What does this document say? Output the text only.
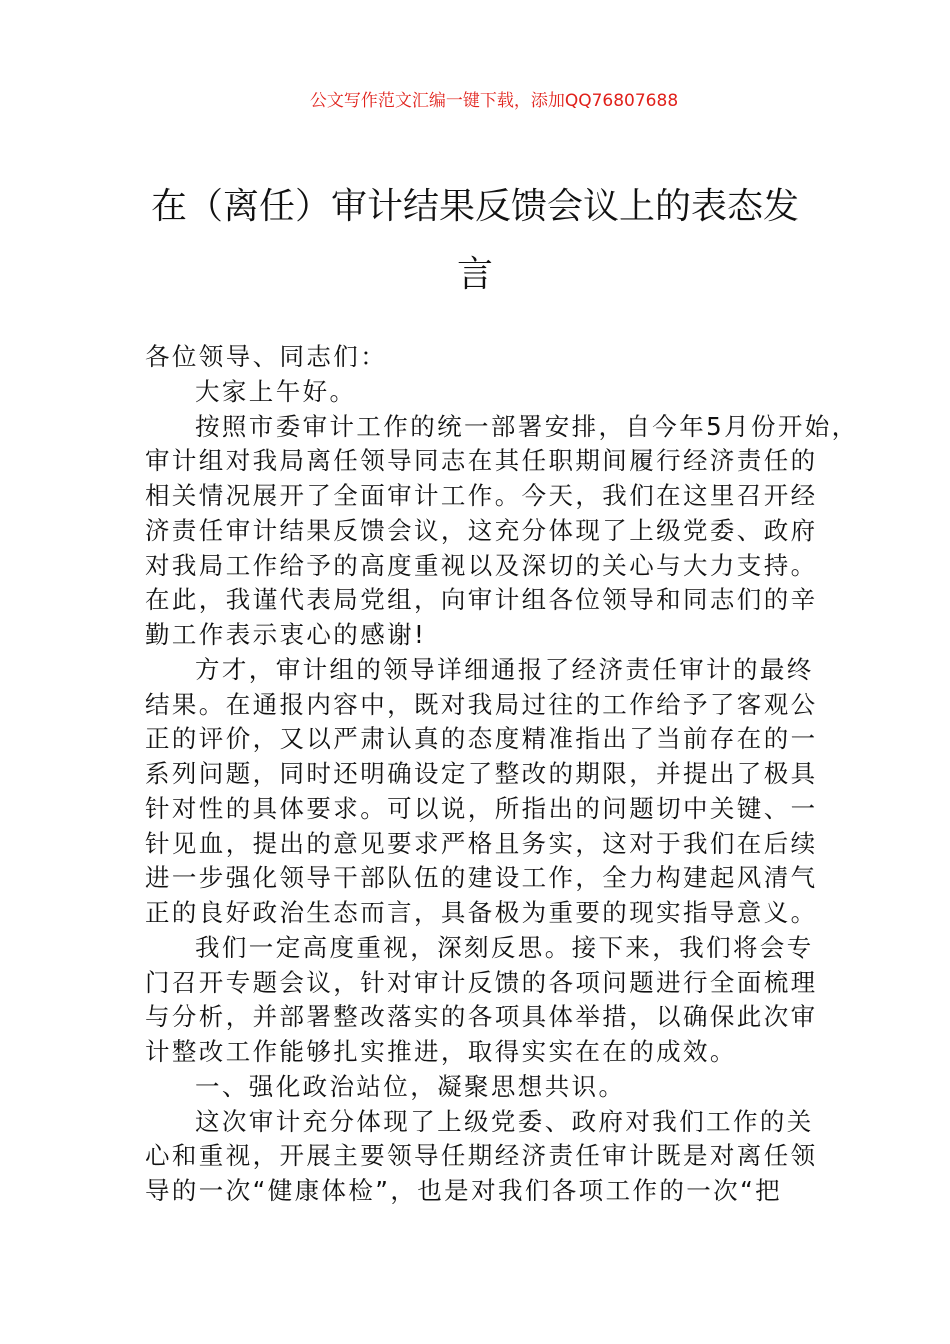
公文写作范文汇编一键下载，添加QQ76807688
在（离任）审计结果反馈会议上的表态发
言
各位领导、同志们：
大家上午好。
按照市委审计工作的统一部署安排，自今年5月份开始，
审计组对我局离任领导同志在其任职期间履行经济责任的
相关情况展开了全面审计工作。今天，我们在这里召开经
济责任审计结果反馈会议，这充分体现了上级党委、政府
对我局工作给予的高度重视以及深切的关心与大力支持。
在此，我谨代表局党组，向审计组各位领导和同志们的辛
勤工作表示衷心的感谢!
方才，审计组的领导详细通报了经济责任审计的最终
结果。在通报内容中，既对我局过往的工作给予了客观公
正的评价，又以严肃认真的态度精准指出了当前存在的一
系列问题，同时还明确设定了整改的期限，并提出了极具
针对性的具体要求。可以说，所指出的问题切中关键、一
针见血，提出的意见要求严格且务实，这对于我们在后续
进一步强化领导干部队伍的建设工作，全力构建起风清气
正的良好政治生态而言，具备极为重要的现实指导意义。
我们一定高度重视，深刻反思。接下来，我们将会专
门召开专题会议，针对审计反馈的各项问题进行全面梳理
与分析，并部署整改落实的各项具体举措，以确保此次审
计整改工作能够扎实推进，取得实实在在的成效。
一、强化政治站位，凝聚思想共识。
这次审计充分体现了上级党委、政府对我们工作的关
心和重视，开展主要领导任期经济责任审计既是对离任领
导的一次“健康体检”，也是对我们各项工作的一次“把
